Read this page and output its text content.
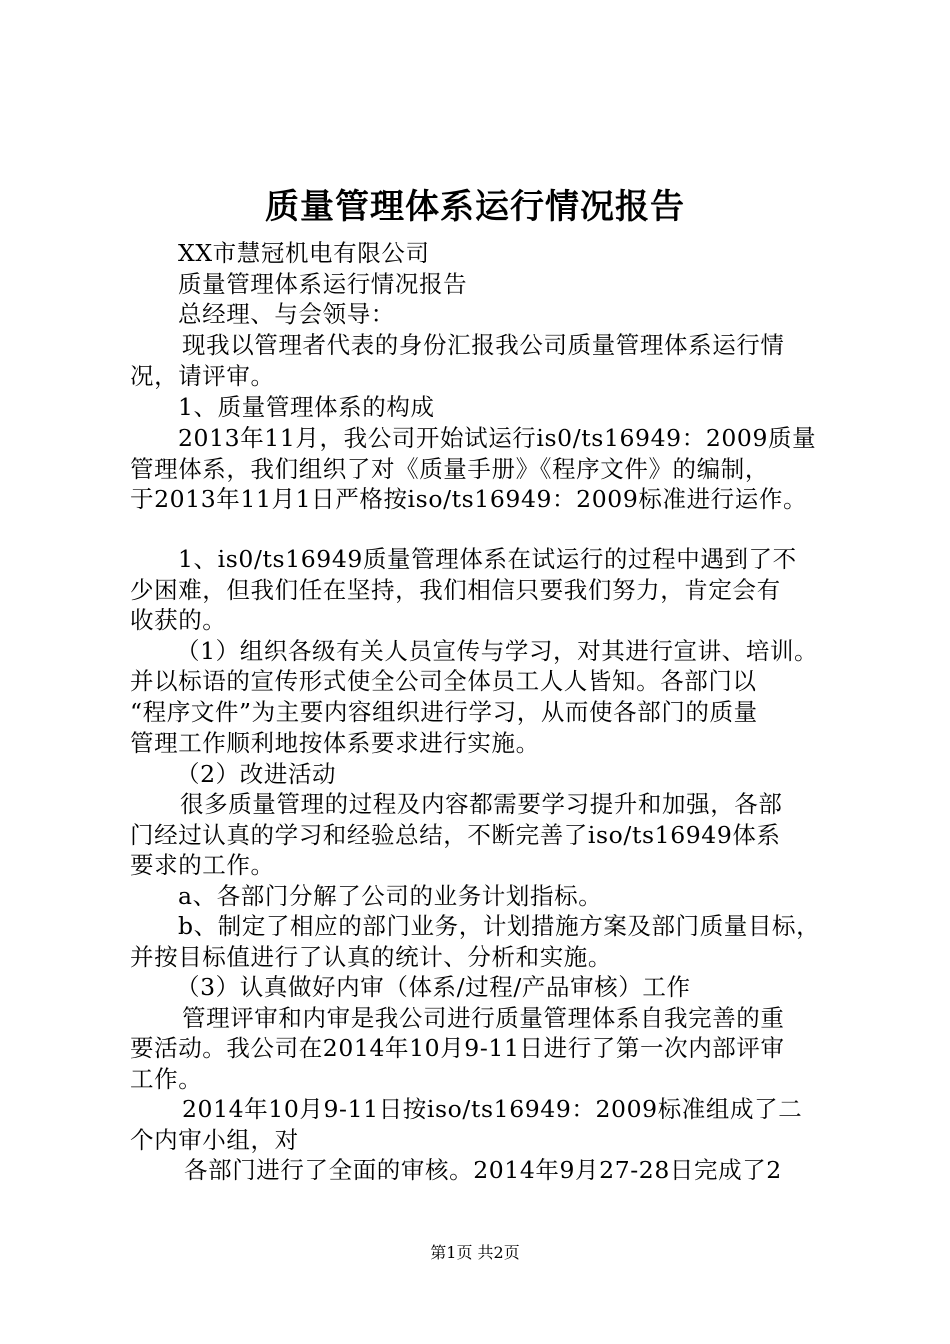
质量管理体系运行情况报告
XX市慧冠机电有限公司
质量管理体系运行情况报告
总经理、与会领导：
现我以管理者代表的身份汇报我公司质量管理体系运行情
况，请评审。
1、质量管理体系的构成
2013年11月，我公司开始试运行is0/ts16949：2009质量
管理体系，我们组织了对《质量手册》《程序文件》的编制，
于2013年11月1日严格按iso/ts16949：2009标准进行运作。
1、is0/ts16949质量管理体系在试运行的过程中遇到了不
少困难，但我们任在坚持，我们相信只要我们努力，肯定会有
收获的。
（1）组织各级有关人员宣传与学习，对其进行宣讲、培训。
并以标语的宣传形式使全公司全体员工人人皆知。各部门以
“程序文件”为主要内容组织进行学习，从而使各部门的质量
管理工作顺利地按体系要求进行实施。
（2）改进活动
很多质量管理的过程及内容都需要学习提升和加强，各部
门经过认真的学习和经验总结，不断完善了iso/ts16949体系
要求的工作。
a、各部门分解了公司的业务计划指标。
b、制定了相应的部门业务，计划措施方案及部门质量目标，
并按目标值进行了认真的统计、分析和实施。
（3）认真做好内审（体系/过程/产品审核）工作
管理评审和内审是我公司进行质量管理体系自我完善的重
要活动。我公司在2014年10月9-11日进行了第一次内部评审
工作。
2014年10月9-11日按iso/ts16949：2009标准组成了二
个内审小组，对
各部门进行了全面的审核。2014年9月27-28日完成了2
第1页 共2页
